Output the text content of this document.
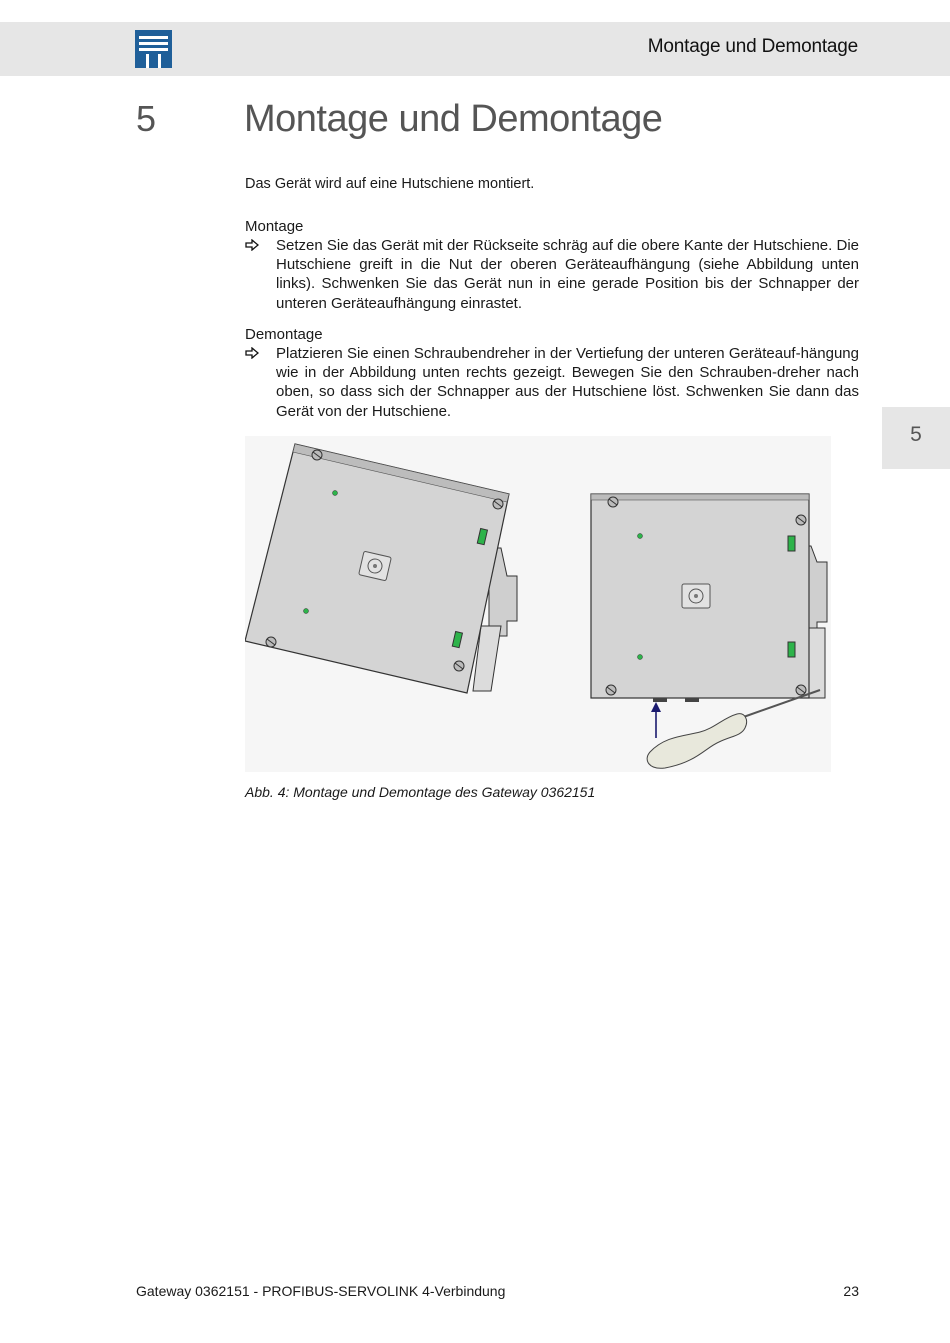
Montage und Demontage
5 Montage und Demontage
Das Gerät wird auf eine Hutschiene montiert.
Montage
Setzen Sie das Gerät mit der Rückseite schräg auf die obere Kante der Hutschiene. Die Hutschiene greift in die Nut der oberen Geräteaufhängung (siehe Abbildung unten links). Schwenken Sie das Gerät nun in eine gerade Position bis der Schnapper der unteren Geräteaufhängung einrastet.
Demontage
Platzieren Sie einen Schraubendreher in der Vertiefung der unteren Geräteauf-hängung wie in der Abbildung unten rechts gezeigt. Bewegen Sie den Schrauben-dreher nach oben, so dass sich der Schnapper aus der Hutschiene löst. Schwenken Sie dann das Gerät von der Hutschiene.
5
Abb. 4: Montage und Demontage des Gateway 0362151
Gateway 0362151 - PROFIBUS-SERVOLINK 4-Verbindung	23
